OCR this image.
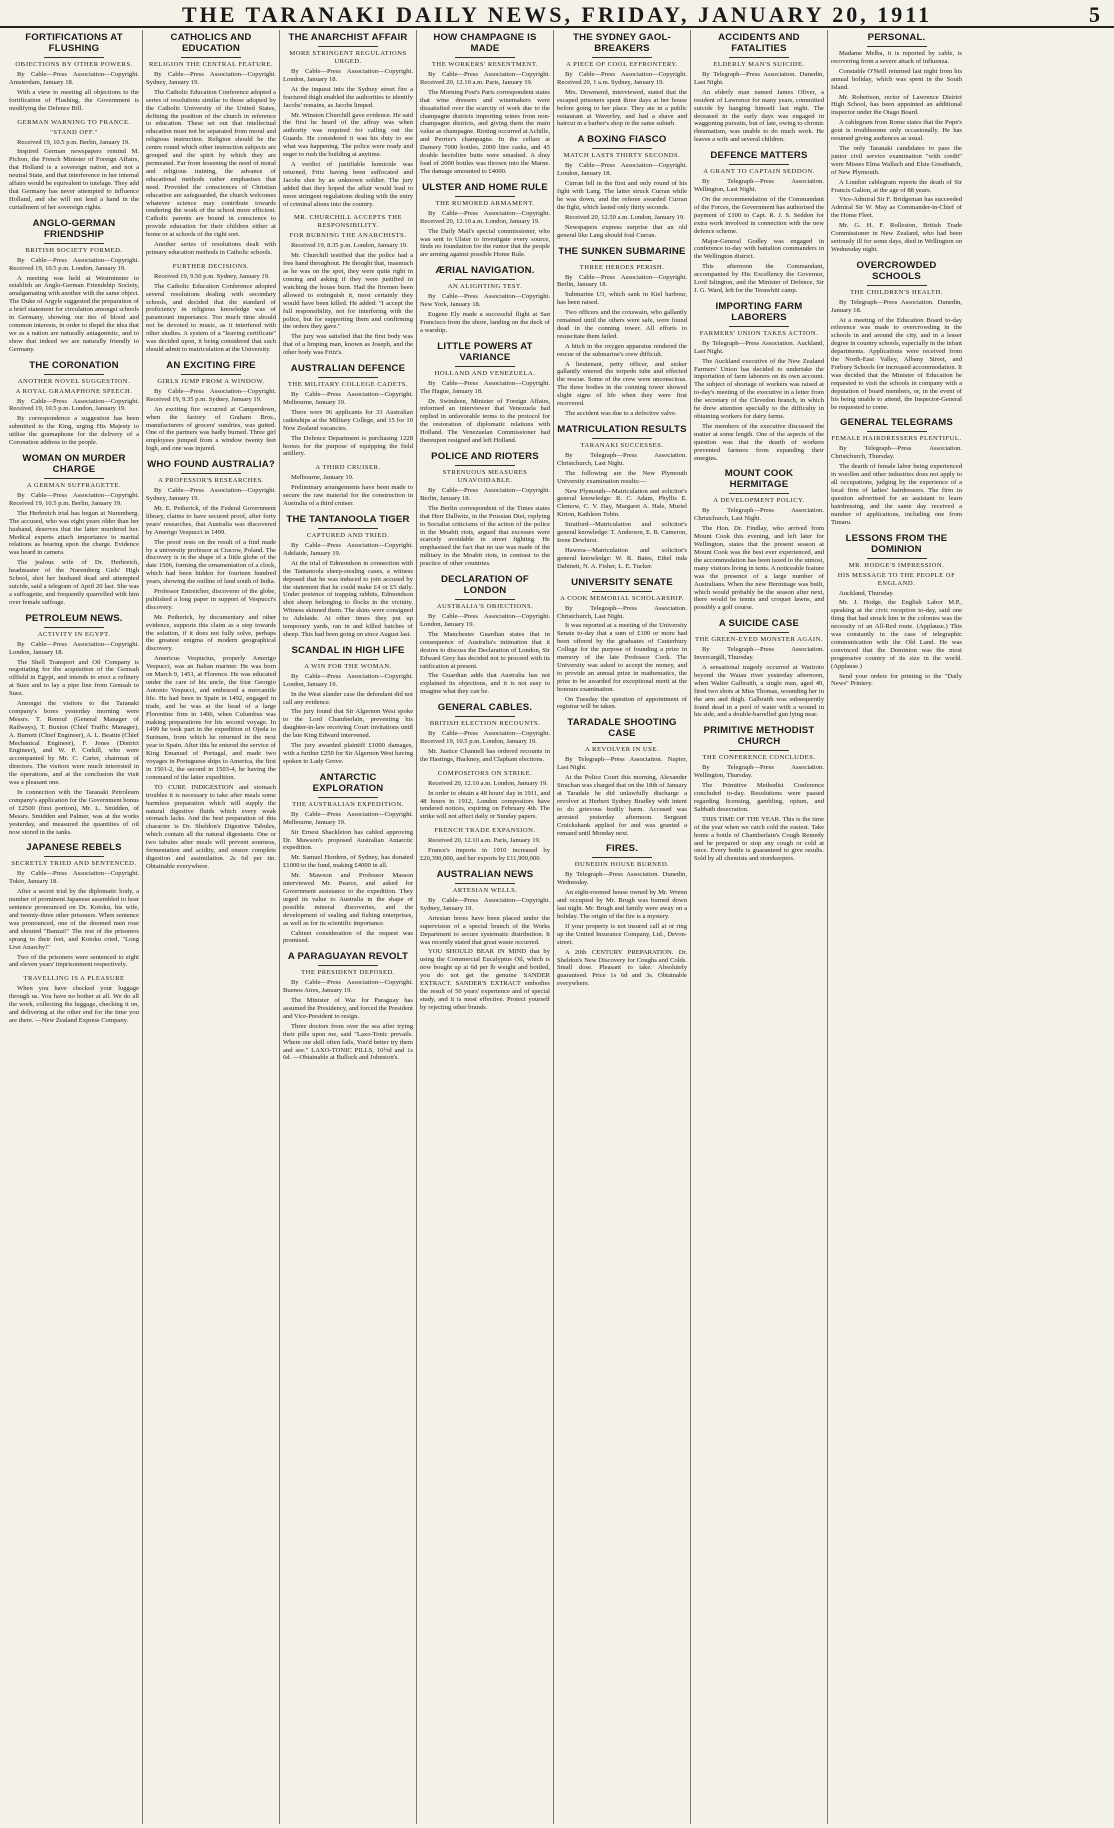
THE TARANAKI DAILY NEWS, FRIDAY, JANUARY 20, 1911	5
FORTIFICATIONS AT FLUSHING
OBJECTIONS BY OTHER POWERS.
By Cable—Press Association—Copyright. Amsterdam, January 18.
With a view to meeting all objections to the fortification of Flushing, the Government is modifying the Defence Bill.
GERMAN WARNING TO FRANCE.
"STAND OFF."
Received 19, 10.5 p.m. Berlin, January 19.
Inspired German newspapers remind M. Pichon, the French Minister of Foreign Affairs, that Holland is a sovereign nation, and not a neutral State, and that interference in her internal affairs would be equivalent to tutelage. They add that Germany has never attempted to influence Holland, and she will not lend a hand in the curtailment of her sovereign rights.
ANGLO-GERMAN FRIENDSHIP
BRITISH SOCIETY FORMED.
By Cable—Press Association—Copyright. Received 19, 10.5 p.m. London, January 19.
A meeting was held at Westminster to establish an Anglo-German Friendship Society, amalgamating with another with the same object. The Duke of Argyle suggested the preparation of a brief statement for circulation amongst schools in Germany, showing our ties of blood and common interests, in order to dispel the idea that we as a nation are naturally antagonistic, and to show that indeed we are naturally friendly to Germany.
THE CORONATION
ANOTHER NOVEL SUGGESTION.
A ROYAL GRAMAPHONE SPEECH.
By Cable—Press Association—Copyright. Received 19, 10.5 p.m. London, January 19.
By correspondence a suggestion has been submitted to the King, urging His Majesty to utilise the gramaphone for the delivery of a Coronation address to the people.
WOMAN ON MURDER CHARGE
A GERMAN SUFFRAGETTE.
By Cable—Press Association—Copyright. Received 19, 10.5 p.m. Berlin, January 19.
The Herbreich trial has begun at Nuremberg. The accused, who was eight years older than her husband, deserves that the latter murdered her. Medical experts attach importance to marital relations as bearing upon the charge. Evidence was heard in camera.
The jealous wife of Dr. Herbreich, headmaster of the Nuremberg Girls' High School, shot her husband dead and attempted suicide, said a telegram of April 20 last. She was a suffragette, and frequently quarrelled with him over female suffrage.
PETROLEUM NEWS.
ACTIVITY IN EGYPT.
By Cable—Press Association—Copyright. London, January 18.
The Shell Transport and Oil Company is negotiating for the acquisition of the Gemsah oilfield in Egypt, and intends to erect a refinery at Suez and to lay a pipe line from Gemsah to Suez.
Amongst the visitors to the Taranaki company's bores yesterday morning were Messrs. T. Renouf (General Manager of Railways), T. Buxton (Chief Traffic Manager), A. Burnett (Chief Engineer), A. L. Beattie (Chief Mechanical Engineer), F. Jones (District Engineer), and W. P. Corkill, who were accompanied by Mr. C. Carter, chairman of directors. The visitors were much interested in the operations, and at the conclusion the visit was a pleasant one.
In connection with the Taranaki Petroleum company's application for the Government bonus of £2500 (first portion), Mr. L. Smidden, of Messrs. Smidden and Palmer, was at the works yesterday, and measured the quantities of oil now stored in the tanks.
JAPANESE REBELS
SECRETLY TRIED AND SENTENCED.
By Cable—Press Association—Copyright. Tokio, January 18.
After a secret trial by the diplomatic body, a number of prominent Japanese assembled to hear sentence pronounced on Dr. Kotoku, his wife, and twenty-three other prisoners. When sentence was pronounced, one of the doomed men rose and shouted "Banzai!" The rest of the prisoners sprang to their feet, and Kotoku cried, "Long Live Anarchy!"
Two of the prisoners were sentenced to eight and eleven years' imprisonment respectively.
TRAVELLING IS A PLEASURE
When you have checked your luggage through us. You have no bother at all. We do all the work, collecting the luggage, checking it on, and delivering at the other end for the time you are there. —New Zealand Express Company.
CATHOLICS AND EDUCATION
RELIGION THE CENTRAL FEATURE.
By Cable—Press Association—Copyright. Sydney, January 19.
The Catholic Education Conference adopted a series of resolutions similar to those adopted by the Catholic University of the United States, defining the position of the church in reference to education. These set out that intellectual education must not be separated from moral and religious instruction. Religion should be the centre round which other instruction subjects are grouped and the spirit by which they are permeated. Far from lessening the need of moral and religious training, the advance of educational methods rather emphasises that need. Provided the consciences of Christian education are safeguarded, the church welcomes whatever science may contribute towards rendering the work of the school more efficient. Catholic parents are bound in conscience to provide education for their children either at home or at schools of the right sort.
Another series of resolutions dealt with primary education methods in Catholic schools.
FURTHER DECISIONS.
Received 19, 9.50 p.m. Sydney, January 19.
The Catholic Education Conference adopted several resolutions dealing with secondary schools, and decided that the standard of proficiency in religious knowledge was of paramount importance. Too much time should not be devoted to music, as it interfered with other studies. A system of a "leaving certificate" was decided upon, it being considered that such should admit to matriculation at the University.
AN EXCITING FIRE
GIRLS JUMP FROM A WINDOW.
By Cable—Press Association—Copyright. Received 19, 9.35 p.m. Sydney, January 19.
An exciting fire occurred at Camperdown, when the factory of Graham Bros., manufacturers of grocers' sundries, was gutted. One of the partners was badly burned. Three girl employees jumped from a window twenty feet high, and one was injured.
WHO FOUND AUSTRALIA?
A PROFESSOR'S RESEARCHES.
By Cable—Press Association—Copyright. Sydney, January 19.
Mr. E. Petherick, of the Federal Government library, claims to have secured proof, after forty years' researches, that Australia was discovered by Amerigo Vespucci in 1499.
The proof rests on the result of a find made by a university professor at Cracow, Poland. The discovery is in the shape of a little globe of the date 1506, forming the ornamentation of a clock, which had been hidden for fourteen hundred years, showing the outline of land south of India.
Professor Entreicher, discoverer of the globe, published a long paper in support of Vespucci's discovery.
Mr. Petherick, by documentary and other evidence, supports this claim as a step towards the solution, if it does not fully solve, perhaps the greatest enigma of modern geographical discovery.
Americus Vespucius, properly Amerigo Vespucci, was an Italian mariner. He was born on March 9, 1451, at Florence. He was educated under the care of his uncle, the friar Georgio Antonio Vespucci, and embraced a mercantile life. He had been in Spain in 1492, engaged in trade, and he was at the head of a large Florentine firm in 1496, when Columbus was making preparations for his second voyage. In 1499 he took part in the expedition of Ojeda to Surinam, from which he returned in the next year to Spain. After this he entered the service of King Emanuel of Portugal, and made two voyages in Portuguese ships to America, the first in 1501-2, the second in 1503-4, he having the command of the latter expedition.
TO CURE INDIGESTION and stomach troubles it is necessary to take after meals some harmless preparation which will supply the natural digestive fluids which every weak stomach lacks. And the best preparation of this character is Dr. Sheldon's Digestive Tabules, which contain all the natural digestants. One or two tabules after meals will prevent sourness, fermentation and acidity, and ensure complete digestion and assimilation. 2s 6d per tin. Obtainable everywhere.
THE ANARCHIST AFFAIR
MORE STRINGENT REGULATIONS URGED.
By Cable—Press Association—Copyright. London, January 18.
At the inquest into the Sydney street fire a fractured thigh enabled the authorities to identify Jacobs' remains, as Jacobs limped.
Mr. Winston Churchill gave evidence. He said the first he heard of the affray was when authority was required for calling out the Guards. He considered it was his duty to see what was happening. The police were ready and eager to rush the building at anytime.
A verdict of justifiable homicide was returned, Fritz having been suffocated and Jacobs shot by an unknown soldier. The jury added that they hoped the affair would lead to more stringent regulations dealing with the entry of criminal aliens into the country.
MR. CHURCHILL ACCEPTS THE RESPONSIBILITY.
FOR BURNING THE ANARCHISTS.
Received 19, 8.35 p.m. London, January 19.
Mr. Churchill testified that the police had a free hand throughout. He thought that, inasmuch as he was on the spot, they were quite right in coming and asking if they were justified in watching the house burn. Had the firemen been allowed to extinguish it, most certainly they would have been killed. He added: "I accept the full responsibility, not for interfering with the police, but for supporting them and confirming the orders they gave."
The jury was satisfied that the first body was that of a limping man, known as Joseph, and the other body was Fritz's.
AUSTRALIAN DEFENCE
THE MILITARY COLLEGE CADETS.
By Cable—Press Association—Copyright. Melbourne, January 19.
There were 96 applicants for 33 Australian cadetships at the Military College, and 15 for 10 New Zealand vacancies.
The Defence Department is purchasing 1228 horses for the purpose of equipping the field artillery.
A THIRD CRUISER.
Melbourne, January 19.
Preliminary arrangements have been made to secure the raw material for the construction in Australia of a third cruiser.
THE TANTANOOLA TIGER
CAPTURED AND TRIED.
By Cable—Press Association—Copyright. Adelaide, January 19.
At the trial of Edmondson in connection with the Tantanoola sheep-stealing cases, a witness deposed that he was induced to join accused by the statement that he could make £4 or £5 daily. Under pretence of trapping rabbits, Edmondson shot sheep belonging to flocks in the vicinity. Witness skinned them. The skins were consigned to Adelaide. At other times they put up temporary yards, ran in and killed batches of sheep. This had been going on since August last.
SCANDAL IN HIGH LIFE
A WIN FOR THE WOMAN.
By Cable—Press Association—Copyright. London, January 19.
In the West slander case the defendant did not call any evidence.
The jury found that Sir Algernon West spoke to the Lord Chamberlain, preventing his daughter-in-law receiving Court invitations until the late King Edward intervened.
The jury awarded plaintiff £1000 damages, with a further £250 for Sir Algernon West having spoken to Lady Grove.
ANTARCTIC EXPLORATION
THE AUSTRALIAN EXPEDITION.
By Cable—Press Association—Copyright. Melbourne, January 19.
Sir Ernest Shackleton has cabled approving Dr. Mawson's proposed Australian Antarctic expedition.
Mr. Samuel Hordern, of Sydney, has donated £1000 to the fund, making £4000 in all.
Mr. Mawson and Professor Masson interviewed Mr. Pearce, and asked for Government assistance to the expedition. They urged its value to Australia in the shape of possible mineral discoveries, and the development of sealing and fishing enterprises, as well as for its scientific importance.
Cabinet consideration of the request was promised.
A PARAGUAYAN REVOLT
THE PRESIDENT DEPOSED.
By Cable—Press Association—Copyright. Buenos Aires, January 19.
The Minister of War for Paraguay has assumed the Presidency, and forced the President and Vice-President to resign.
Three doctors from over the sea after trying their pills upon me, said "Laxo-Tonic prevails. Where our skill often fails, You'd better try them and see." LAXO-TONIC PILLS, 10½d and 1s 6d. —Obtainable at Bullock and Johnston's.
HOW CHAMPAGNE IS MADE
THE WORKERS' RESENTMENT.
By Cable—Press Association—Copyright. Received 20, 12.10 a.m. Paris, January 19.
The Morning Post's Paris correspondent states that wine dressers and winemakers were dissatisfied over the scarcity of work due to the champagne districts importing wines from non-champagne districts, and giving them the main value as champagne. Rioting occurred at Achille, and Perrier's champagne. In the cellars at Damery 7000 bottles, 2000 litre casks, and 45 double hectolitre butts were smashed. A dray load of 2000 bottles was thrown into the Marne. The damage amounted to £4000.
ULSTER AND HOME RULE
THE RUMORED ARMAMENT.
By Cable—Press Association—Copyright. Received 20, 12.10 a.m. London, January 19.
The Daily Mail's special commissioner, who was sent to Ulster to investigate every source, finds no foundation for the rumor that the people are arming against possible Home Rule.
ÆRIAL NAVIGATION.
AN ALIGHTING TEST.
By Cable—Press Association—Copyright. New York, January 18.
Eugene Ely made a successful flight at San Francisco from the shore, landing on the deck of a warship.
LITTLE POWERS AT VARIANCE
HOLLAND AND VENEZUELA.
By Cable—Press Association—Copyright. The Hague, January 18.
Dr. Swindeen, Minister of Foreign Affairs, informed an interviewer that Venezuela had replied in unfavorable terms to the protocol for the restoration of diplomatic relations with Holland. The Venezuelan Commissioner had thereupon resigned and left Holland.
POLICE AND RIOTERS
STRENUOUS MEASURES UNAVOIDABLE.
By Cable—Press Association—Copyright. Berlin, January 18.
The Berlin correspondent of the Times states that Herr Dallwitz, in the Prussian Diet, replying to Socialist criticisms of the action of the police in the Moabit riots, argued that excesses were scarcely avoidable in street fighting. He emphasised the fact that no use was made of the military in the Moabit riots, in contrast to the practice of other countries.
DECLARATION OF LONDON
AUSTRALIA'S OBJECTIONS.
By Cable—Press Association—Copyright. London, January 19.
The Manchester Guardian states that in consequence of Australia's intimation that it desires to discuss the Declaration of London, Sir Edward Grey has decided not to proceed with its ratification at present.
The Guardian adds that Australia has not explained its objections, and it is not easy to imagine what they can be.
GENERAL CABLES.
BRITISH ELECTION RECOUNTS.
By Cable—Press Association—Copyright. Received 19, 10.5 p.m. London, January 19.
Mr. Justice Channell has ordered recounts in the Hastings, Hackney, and Clapham elections.
COMPOSITORS ON STRIKE.
Received 20, 12.10 a.m. London, January 19.
In order to obtain a 48 hours' day in 1911, and 48 hours in 1912, London compositors have tendered notices, expiring on February 4th. The strike will not affect daily or Sunday papers.
FRENCH TRADE EXPANSION.
Received 20, 12.10 a.m. Paris, January 19.
France's imports in 1910 increased by £20,390,000, and her exports by £11,900,000.
AUSTRALIAN NEWS
ARTESIAN WELLS.
By Cable—Press Association—Copyright. Sydney, January 19.
Artesian bores have been placed under the supervision of a special branch of the Works Department to secure systematic distribution. It was recently stated that great waste occurred.
YOU SHOULD BEAR IN MIND that by using the Commercial Eucalyptus Oil, which is now bought up at 6d per lb weight and bottled, you do not get the genuine SANDER EXTRACT. SANDER'S EXTRACT embodies the result of 50 years' experience and of special study, and it is most effective. Protect yourself by rejecting other brands.
THE SYDNEY GAOL-BREAKERS
A PIECE OF COOL EFFRONTERY.
By Cable—Press Association—Copyright. Received 20, 1 a.m. Sydney, January 19.
Mrs. Dowmend, interviewed, stated that the escaped prisoners spent three days at her house before going to her place. They ate in a public restaurant at Waverley, and had a shave and haircut in a barber's shop in the same suburb.
A BOXING FIASCO
MATCH LASTS THIRTY SECONDS.
By Cable—Press Association—Copyright. London, January 18.
Curran fell in the first and only round of his fight with Lang. The latter struck Curran while he was down, and the referee awarded Curran the fight, which lasted only thirty seconds.
Received 20, 12.50 a.m. London, January 19.
Newspapers express surprise that an old general like Lang should foul Curran.
THE SUNKEN SUBMARINE
THREE HEROES PERISH.
By Cable—Press Association—Copyright. Berlin, January 18.
Submarine U3, which sank in Kiel harbour, has been raised.
Two officers and the coxswain, who gallantly remained until the others were safe, were found dead in the conning tower. All efforts to resuscitate them failed.
A hitch in the oxygen apparatus rendered the rescue of the submarine's crew difficult.
A lieutenant, petty officer, and stoker gallantly entered the torpedo tube and effected the rescue. Some of the crew were unconscious. The three bodies in the conning tower showed slight signs of life when they were first recovered.
The accident was due to a defective valve.
MATRICULATION RESULTS
TARANAKI SUCCESSES.
By Telegraph—Press Association. Christchurch, Last Night.
The following are the New Plymouth University examination results:—
New Plymouth—Matriculation and solicitor's general knowledge: R. C. Adam, Phyllis E. Clemow, C. V. Day, Margaret A. Hale, Muriel Kirton, Kathleen Tobin.
Stratford—Matriculation and solicitor's general knowledge: T. Anderson, E. B. Cameron, Irene Dewhirst.
Hawera—Matriculation and solicitor's general knowledge: W. R. Bates, Ethel inda Dabinett, N. A. Fisher, L. E. Tucker.
UNIVERSITY SENATE
A COOK MEMORIAL SCHOLARSHIP.
By Telegraph—Press Association. Christchurch, Last Night.
It was reported at a meeting of the University Senate to-day that a sum of £100 or more had been offered by the graduates of Canterbury College for the purpose of founding a prize in memory of the late Professor Cook. The University was asked to accept the money, and to provide an annual prize in mathematics, the prize to be awarded for exceptional merit at the honours examination.
On Tuesday the question of appointment of registrar will be taken.
TARADALE SHOOTING CASE
A REVOLVER IN USE.
By Telegraph—Press Association. Napier, Last Night.
At the Police Court this morning, Alexander Strachan was charged that on the 18th of January at Taradale he did unlawfully discharge a revolver at Herbert Sydney Bradley with intent to do grievous bodily harm. Accused was arrested yesterday afternoon. Sergeant Cruickshank applied for and was granted a remand until Monday next.
FIRES.
DUNEDIN HOUSE BURNED.
By Telegraph—Press Association. Dunedin, Wednesday.
An eight-roomed house owned by Mr. Wrenn and occupied by Mr. Brugh was burned down last night. Mr. Brugh and family were away on a holiday. The origin of the fire is a mystery.
If your property is not insured call at or ring up the United Insurance Company, Ltd., Devon-street.
A 20th CENTURY PREPARATION. Dr. Sheldon's New Discovery for Coughs and Colds. Small dose. Pleasant to take. Absolutely guaranteed. Price 1s 6d and 3s. Obtainable everywhere.
ACCIDENTS AND FATALITIES
ELDERLY MAN'S SUICIDE.
By Telegraph—Press Association. Dunedin, Last Night.
An elderly man named James Oliver, a resident of Lawrence for many years, committed suicide by hanging himself last night. The deceased in the early days was engaged in waggoning pursuits, but of late, owing to chronic rheumatism, was unable to do much work. He leaves a wife and several children.
DEFENCE MATTERS
A GRANT TO CAPTAIN SEDDON.
By Telegraph—Press Association. Wellington, Last Night.
On the recommendation of the Commandant of the Forces, the Government has authorised the payment of £100 to Capt. R. J. S. Seddon for extra work involved in connection with the new defence scheme.
Major-General Godley was engaged in conference to-day with battalion commanders in the Wellington district.
This afternoon the Commandant, accompanied by His Excellency the Governor, Lord Islington, and the Minister of Defence, Sir J. G. Ward, left for the Terawhiti camp.
IMPORTING FARM LABORERS
FARMERS' UNION TAKES ACTION.
By Telegraph—Press Association. Auckland, Last Night.
The Auckland executive of the New Zealand Farmers' Union has decided to undertake the importation of farm laborers on its own account. The subject of shortage of workers was raised at to-day's meeting of the executive in a letter from the secretary of the Clevedon branch, in which he drew attention specially to the difficulty in obtaining workers for dairy farms.
The members of the executive discussed the matter at some length. One of the aspects of the question was that the dearth of workers prevented farmers from expanding their energies.
MOUNT COOK HERMITAGE
A DEVELOPMENT POLICY.
By Telegraph—Press Association. Christchurch, Last Night.
The Hon. Dr. Findlay, who arrived from Mount Cook this evening, and left later for Wellington, states that the present season at Mount Cook was the best ever experienced, and the accommodation has been taxed to the utmost, many visitors living in tents. A noticeable feature was the presence of a large number of Australians. When the new Hermitage was built, which would probably be the season after next, there would be tennis and croquet lawns, and possibly a golf course.
A SUICIDE CASE
THE GREEN-EYED MONSTER AGAIN.
By Telegraph—Press Association. Invercargill, Thursday.
A sensational tragedy occurred at Waiiroto beyond the Waiau river yesterday afternoon, when Walter Galbraith, a single man, aged 40, fired two shots at Miss Thomas, wounding her in the arm and thigh. Galbraith was subsequently found dead in a pool of water with a wound in his side, and a double-barrelled gun lying near.
PRIMITIVE METHODIST CHURCH
THE CONFERENCE CONCLUDES.
By Telegraph—Press Association. Wellington, Thursday.
The Primitive Methodist Conference concluded to-day. Resolutions were passed regarding licensing, gambling, opium, and Sabbath desecration.
THIS TIME OF THE YEAR. This is the time of the year when we catch cold the easiest. Take home a bottle of Chamberlain's Cough Remedy and be prepared to stop any cough or cold at once. Every bottle is guaranteed to give results. Sold by all chemists and storekeepers.
PERSONAL.
Madame Melba, it is reported by cable, is recovering from a severe attack of influenza.
Constable O'Neill returned last night from his annual holiday, which was spent in the South Island.
Mr. Robertson, rector of Lawrence District High School, has been appointed an additional inspector under the Otago Board.
A cablegram from Rome states that the Pope's gout is troublesome only occasionally. He has resumed giving audiences as usual.
The only Taranaki candidates to pass the junior civil service examination "with credit" were Misses Elma Wallach and Elsie Greatbatch, of New Plymouth.
A London cablegram reports the death of Sir Francis Galton, at the age of 88 years.
Vice-Admiral Sir F. Bridgeman has succeeded Admiral Sir W. May as Commander-in-Chief of the Home Fleet.
Mr. G. H. F. Rolleston, British Trade Commissioner in New Zealand, who had been seriously ill for some days, died in Wellington on Wednesday night.
OVERCROWDED SCHOOLS
THE CHILDREN'S HEALTH.
By Telegraph—Press Association. Dunedin, January 18.
At a meeting of the Education Board to-day reference was made to overcrowding in the schools in and around the city, and in a lesser degree in country schools, especially in the infant departments. Applications were received from the North-East Valley, Albany Street, and Forbury Schools for increased accommodation. It was decided that the Minister of Education be requested to visit the schools in company with a deputation of board members, or, in the event of his being unable to attend, the Inspector-General be requested to come.
GENERAL TELEGRAMS
FEMALE HAIRDRESSERS PLENTIFUL.
By Telegraph—Press Association. Christchurch, Thursday.
The dearth of female labor being experienced in woollen and other industries does not apply to all occupations, judging by the experience of a local firm of ladies' hairdressers. The firm in question advertised for an assistant to learn hairdressing, and the same day received a number of applications, including one from Timaru.
LESSONS FROM THE DOMINION
MR. HODGE'S IMPRESSION.
HIS MESSAGE TO THE PEOPLE OF ENGLAND.
Auckland, Thursday.
Mr. J. Hodge, the English Labor M.P., speaking at the civic reception to-day, said one thing that had struck him in the colonies was the necessity of an All-Red route. (Applause.) This was constantly in the case of telegraphic communication with the Old Land. He was convinced that the Dominion was the most progressive country of its size in the world. (Applause.)
Send your orders for printing to the "Daily News" Printery.
